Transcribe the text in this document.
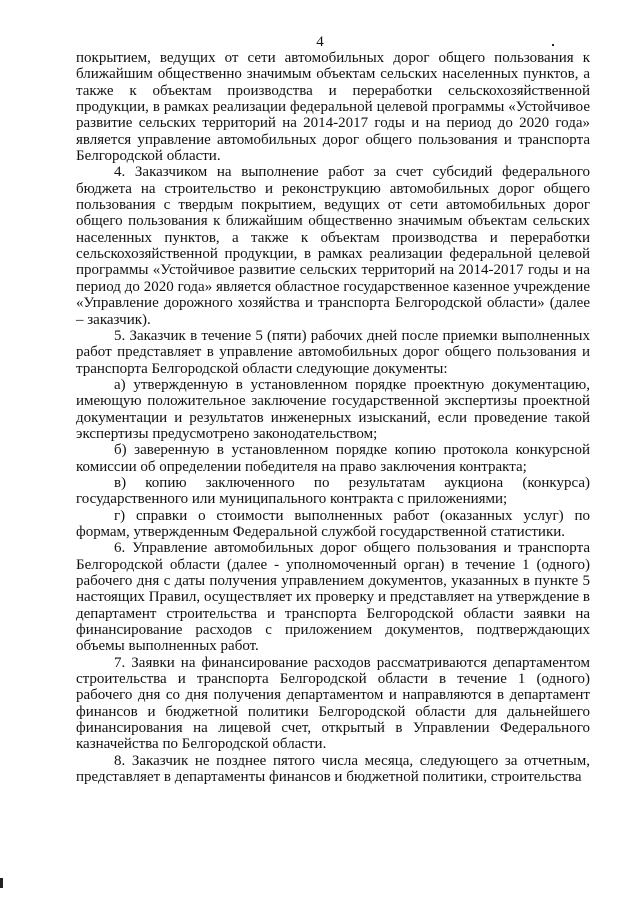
4

покрытием, ведущих от сети автомобильных дорог общего пользования к ближайшим общественно значимым объектам сельских населенных пунктов, а также к объектам производства и переработки сельскохозяйственной продукции, в рамках реализации федеральной целевой программы «Устойчивое развитие сельских территорий на 2014-2017 годы и на период до 2020 года» является управление автомобильных дорог общего пользования и транспорта Белгородской области.

4. Заказчиком на выполнение работ за счет субсидий федерального бюджета на строительство и реконструкцию автомобильных дорог общего пользования с твердым покрытием, ведущих от сети автомобильных дорог общего пользования к ближайшим общественно значимым объектам сельских населенных пунктов, а также к объектам производства и переработки сельскохозяйственной продукции, в рамках реализации федеральной целевой программы «Устойчивое развитие сельских территорий на 2014-2017 годы и на период до 2020 года» является областное государственное казенное учреждение «Управление дорожного хозяйства и транспорта Белгородской области» (далее – заказчик).

5. Заказчик в течение 5 (пяти) рабочих дней после приемки выполненных работ представляет в управление автомобильных дорог общего пользования и транспорта Белгородской области следующие документы:

а) утвержденную в установленном порядке проектную документацию, имеющую положительное заключение государственной экспертизы проектной документации и результатов инженерных изысканий, если проведение такой экспертизы предусмотрено законодательством;

б) заверенную в установленном порядке копию протокола конкурсной комиссии об определении победителя на право заключения контракта;

в) копию заключенного по результатам аукциона (конкурса) государственного или муниципального контракта с приложениями;

г) справки о стоимости выполненных работ (оказанных услуг) по формам, утвержденным Федеральной службой государственной статистики.

6. Управление автомобильных дорог общего пользования и транспорта Белгородской области (далее - уполномоченный орган) в течение 1 (одного) рабочего дня с даты получения управлением документов, указанных в пункте 5 настоящих Правил, осуществляет их проверку и представляет на утверждение в департамент строительства и транспорта Белгородской области заявки на финансирование расходов с приложением документов, подтверждающих объемы выполненных работ.

7. Заявки на финансирование расходов рассматриваются департаментом строительства и транспорта Белгородской области в течение 1 (одного) рабочего дня со дня получения департаментом и направляются в департамент финансов и бюджетной политики Белгородской области для дальнейшего финансирования на лицевой счет, открытый в Управлении Федерального казначейства по Белгородской области.

8. Заказчик не позднее пятого числа месяца, следующего за отчетным, представляет в департаменты финансов и бюджетной политики, строительства
